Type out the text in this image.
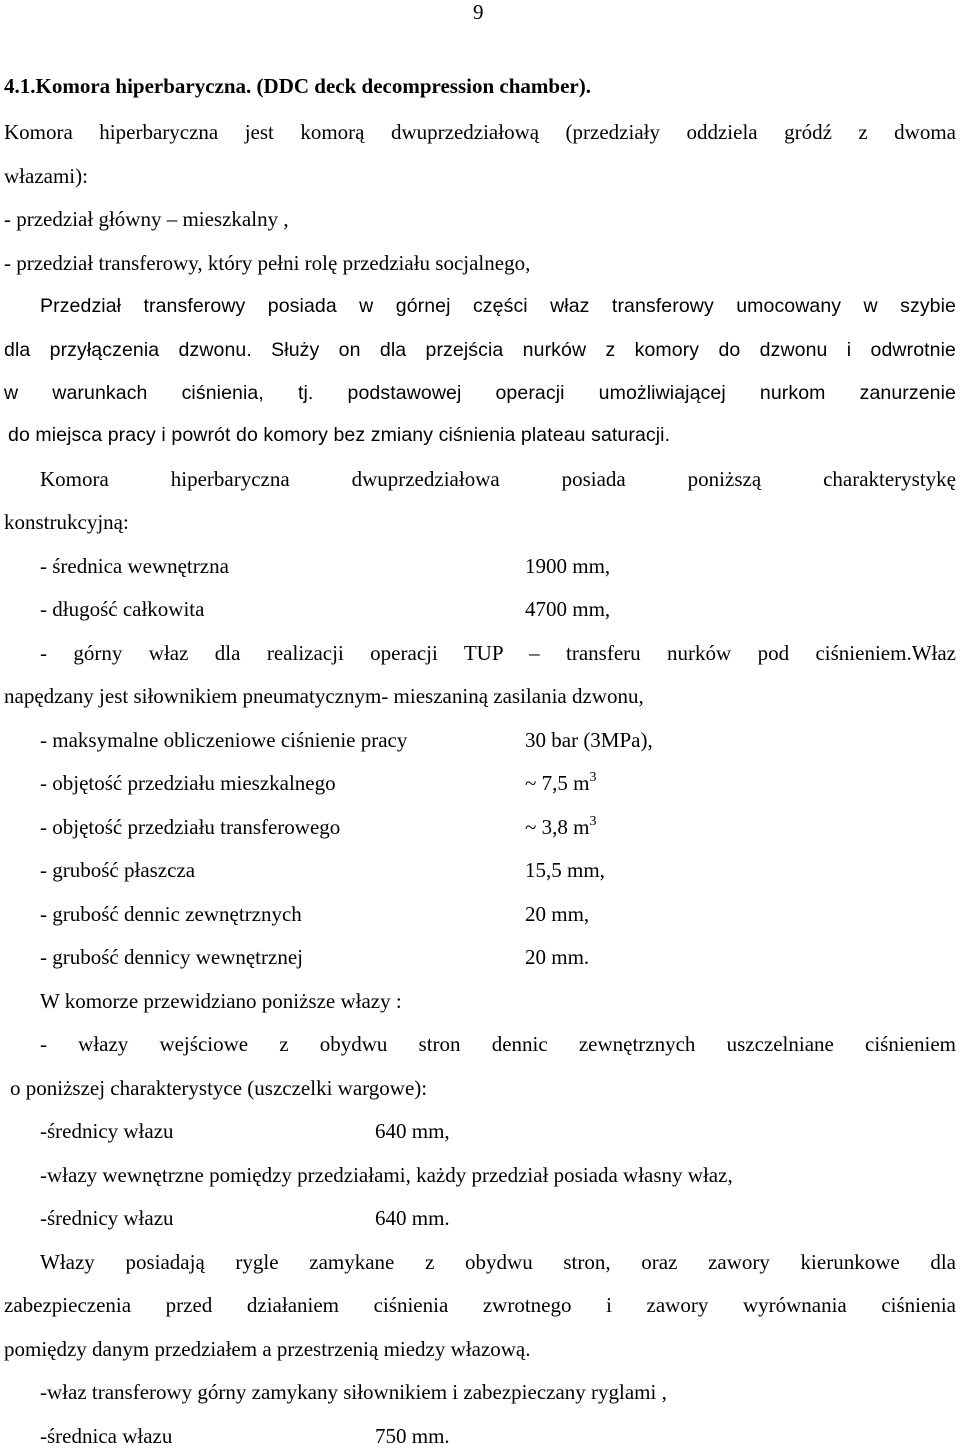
9
4.1.Komora hiperbaryczna. (DDC deck decompression chamber).
Komora hiperbaryczna jest komorą dwuprzedziałową (przedziały oddziela gródź z dwoma
włazami):
- przedział główny – mieszkalny ,
- przedział transferowy, który pełni rolę przedziału socjalnego,
Przedział transferowy posiada w górnej części właz transferowy umocowany w szybie
dla przyłączenia dzwonu. Służy on dla przejścia nurków z komory do dzwonu i odwrotnie
w warunkach ciśnienia, tj. podstawowej operacji umożliwiającej nurkom zanurzenie
do miejsca pracy i powrót do komory bez zmiany ciśnienia plateau saturacji.
Komora hiperbaryczna dwuprzedziałowa posiada poniższą charakterystykę
konstrukcyjną:
- średnica wewnętrzna	1900 mm,
- długość całkowita	4700 mm,
- górny właz dla realizacji operacji TUP – transferu nurków pod ciśnieniem.Właz
napędzany jest siłownikiem pneumatycznym- mieszaniną zasilania dzwonu,
- maksymalne obliczeniowe ciśnienie pracy	30 bar (3MPa),
- objętość przedziału mieszkalnego	~ 7,5 $m^3$
- objętość przedziału transferowego	~ 3,8 $m^3$
- grubość płaszcza	15,5 mm,
- grubość dennic zewnętrznych	20 mm,
- grubość dennicy wewnętrznej	20 mm.
W komorze przewidziano poniższe włazy :
- włazy wejściowe z obydwu stron dennic zewnętrznych uszczelniane ciśnieniem
o poniższej charakterystyce (uszczelki wargowe):
-średnicy włazu	640 mm,
-włazy wewnętrzne pomiędzy przedziałami, każdy przedział posiada własny właz,
-średnicy włazu	640 mm.
Włazy posiadają rygle zamykane z obydwu stron, oraz zawory kierunkowe dla
zabezpieczenia przed działaniem ciśnienia zwrotnego i zawory wyrównania ciśnienia
pomiędzy danym przedziałem a przestrzenią miedzy włazową.
-właz transferowy górny zamykany siłownikiem i zabezpieczany ryglami ,
-średnica włazu	750 mm.
